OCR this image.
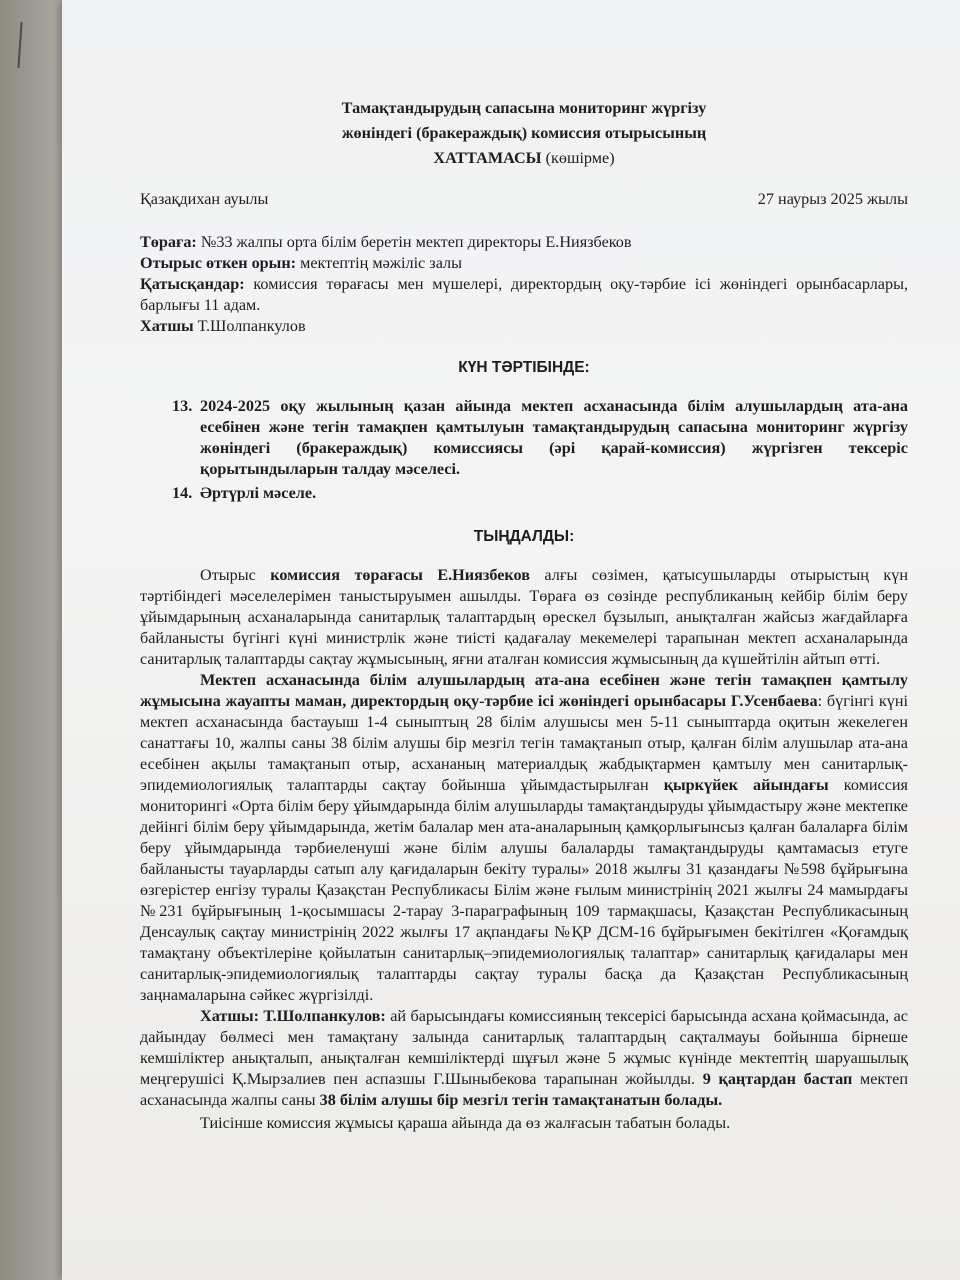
Тамақтандырудың сапасына мониторинг жүргізу
жөніндегі (бракераждық) комиссия отырысының
ХАТТАМАСЫ (көшірме)

Қазақдихан ауылы	27 наурыз 2025 жылы

Төраға: №33 жалпы орта білім беретін мектеп директоры Е.Ниязбеков

Отырыс өткен орын: мектептің мәжіліс залы

Қатысқандар: комиссия төрағасы мен мүшелері, директордың оқу-тәрбие ісі жөніндегі орынбасарлары, барлығы 11 адам.

Хатшы Т.Шолпанкулов

КҮН ТӘРТІБІНДЕ:
13. 2024-2025 оқу жылының қазан айында мектеп асханасында білім алушылардың ата-ана есебінен және тегін тамақпен қамтылуын тамақтандырудың сапасына мониторинг жүргізу жөніндегі (бракераждық) комиссиясы (әрі қарай-комиссия) жүргізген тексеріс қорытындыларын талдау мәселесі.
14. Әртүрлі мәселе.
ТЫҢДАЛДЫ:

Отырыс комиссия төрағасы Е.Ниязбеков алғы сөзімен, қатысушыларды отырыстың күн тәртібіндегі мәселелерімен таныстыруымен ашылды. Төраға өз сөзінде республиканың кейбір білім беру ұйымдарының асханаларында санитарлық талаптардың өрескел бұзылып, анықталған жайсыз жағдайларға байланысты бүгінгі күні министрлік және тиісті қадағалау мекемелері тарапынан мектеп асханаларында санитарлық талаптарды сақтау жұмысының, яғни аталған комиссия жұмысының да күшейтілін айтып өтті.

Мектеп асханасында білім алушылардың ата-ана есебінен және тегін тамақпен қамтылу жұмысына жауапты маман, директордың оқу-тәрбие ісі жөніндегі орынбасары Г.Усенбаева: бүгінгі күні мектеп асханасында бастауыш 1-4 сыныптың 28 білім алушысы мен 5-11 сыныптарда оқитын жекелеген санаттағы 10, жалпы саны 38 білім алушы бір мезгіл тегін тамақтанып отыр, қалған білім алушылар ата-ана есебінен ақылы тамақтанып отыр, асхананың материалдық жабдықтармен қамтылу мен санитарлық-эпидемиологиялық талаптарды сақтау бойынша ұйымдастырылған қыркүйек айындағы комиссия мониторингі «Орта білім беру ұйымдарында білім алушыларды тамақтандыруды ұйымдастыру және мектепке дейінгі білім беру ұйымдарында, жетім балалар мен ата-аналарының қамқорлығынсыз қалған балаларға білім беру ұйымдарында тәрбиеленуші және білім алушы балаларды тамақтандыруды қамтамасыз етуге байланысты тауарларды сатып алу қағидаларын бекіту туралы» 2018 жылғы 31 қазандағы №598 бұйрығына өзгерістер енгізу туралы Қазақстан Республикасы Білім және ғылым министрінің 2021 жылғы 24 мамырдағы №231 бұйрығының 1-қосымшасы 2-тарау 3-параграфының 109 тармақшасы, Қазақстан Республикасының Денсаулық сақтау министрінің 2022 жылғы 17 ақпандағы №ҚР ДСМ-16 бұйрығымен бекітілген «Қоғамдық тамақтану объектілеріне қойылатын санитарлық–эпидемиологиялық талаптар» санитарлық қағидалары мен санитарлық-эпидемиологиялық талаптарды сақтау туралы басқа да Қазақстан Республикасының заңнамаларына сәйкес жүргізілді.

Хатшы: Т.Шолпанкулов: ай барысындағы комиссияның тексерісі барысында асхана қоймасында, ас дайындау бөлмесі мен тамақтану залында санитарлық талаптардың сақталмауы бойынша бірнеше кемшіліктер анықталып, анықталған кемшіліктерді шұғыл және 5 жұмыс күнінде мектептің шаруашылық меңгерушісі Қ.Мырзалиев пен аспазшы Г.Шыныбекова тарапынан жойылды. 9 қаңтардан бастап мектеп асханасында жалпы саны 38 білім алушы бір мезгіл тегін тамақтанатын болады.

Тиісінше комиссия жұмысы қараша айында да өз жалғасын табатын болады.
